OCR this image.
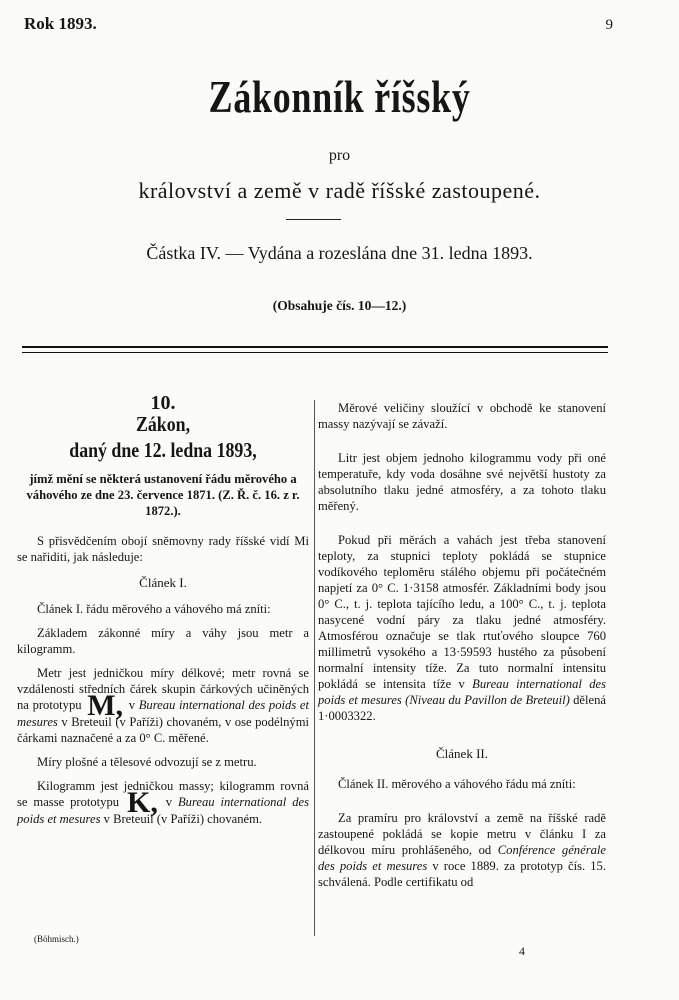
Rok 1893.	9
Zákonník říšský
pro
království a země v radě říšské zastoupené.
Částka IV. — Vydána a rozeslána dne 31. ledna 1893.
(Obsahuje čís. 10—12.)

10.

Zákon,
daný dne 12. ledna 1893,
jímž mění se některá ustanovení řádu měrového a váhového ze dne 23. července 1871. (Z. Ř. č. 16. z r. 1872.).

S přisvědčením obojí sněmovny rady říšské vidí Mi se nařiditi, jak následuje:

Článek I.

Článek I. řádu měrového a váhového má zníti:

Základem zákonné míry a váhy jsou metr a kilogramm.

Metr jest jedničkou míry délkové; metr rovná se vzdálenosti středních čárek skupin čárkových učiněných na prototypu M, v Bureau international des poids et mesures v Breteuil (v Paříži) chovaném, v ose podélnými čárkami naznačené a za 0° C. měřené.

Míry plošné a tělesové odvozují se z metru.

Kilogramm jest jedničkou massy; kilogramm rovná se masse prototypu K, v Bureau international des poids et mesures v Breteuil (v Paříži) chovaném.

Měrové veličiny sloužící v obchodě ke stanovení massy nazývají se závaží.

Litr jest objem jednoho kilogrammu vody při oné temperatuře, kdy voda dosáhne své největší hustoty za absolutního tlaku jedné atmosféry, a za tohoto tlaku měřený.

Pokud při měrách a vahách jest třeba stanovení teploty, za stupnici teploty pokládá se stupnice vodíkového teploměru stálého objemu při počátečném napjetí za 0° C. 1·3158 atmosfér. Základními body jsou 0° C., t. j. teplota tajícího ledu, a 100° C., t. j. teplota nasycené vodní páry za tlaku jedné atmosféry. Atmosférou označuje se tlak rtuťového sloupce 760 millimetrů vysokého a 13·59593 hustého za působení normalní intensity tíže. Za tuto normalní intensitu pokládá se intensita tíže v Bureau international des poids et mesures (Niveau du Pavillon de Breteuil) dělená 1·0003322.

Článek II.

Článek II. měrového a váhového řádu má zníti:

Za pramíru pro království a země na říšské radě zastoupené pokládá se kopie metru v článku I za délkovou míru prohlášeného, od Conférence générale des poids et mesures v roce 1889. za prototyp čís. 15. schválená. Podle certifikatu od

(Böhmisch.)
4
